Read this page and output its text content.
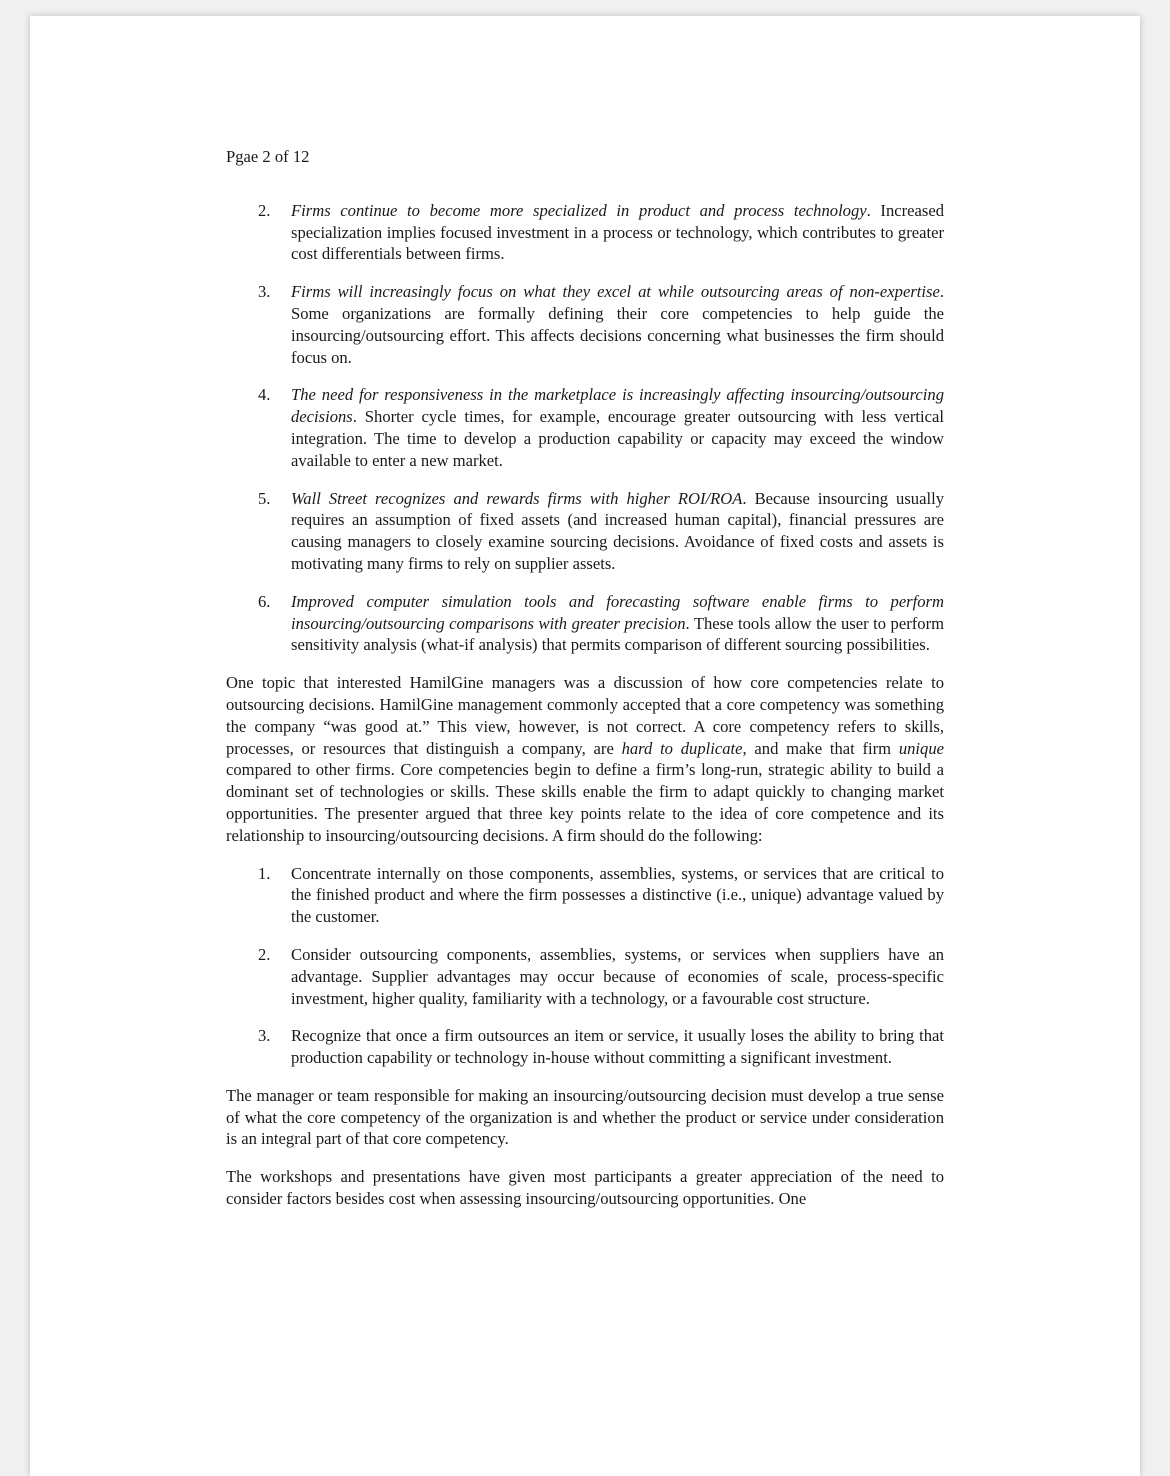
Pgae 2 of 12
2. Firms continue to become more specialized in product and process technology. Increased specialization implies focused investment in a process or technology, which contributes to greater cost differentials between firms.
3. Firms will increasingly focus on what they excel at while outsourcing areas of non-expertise. Some organizations are formally defining their core competencies to help guide the insourcing/outsourcing effort. This affects decisions concerning what businesses the firm should focus on.
4. The need for responsiveness in the marketplace is increasingly affecting insourcing/outsourcing decisions. Shorter cycle times, for example, encourage greater outsourcing with less vertical integration. The time to develop a production capability or capacity may exceed the window available to enter a new market.
5. Wall Street recognizes and rewards firms with higher ROI/ROA. Because insourcing usually requires an assumption of fixed assets (and increased human capital), financial pressures are causing managers to closely examine sourcing decisions. Avoidance of fixed costs and assets is motivating many firms to rely on supplier assets.
6. Improved computer simulation tools and forecasting software enable firms to perform insourcing/outsourcing comparisons with greater precision. These tools allow the user to perform sensitivity analysis (what-if analysis) that permits comparison of different sourcing possibilities.

One topic that interested HamilGine managers was a discussion of how core competencies relate to outsourcing decisions. HamilGine management commonly accepted that a core competency was something the company “was good at.” This view, however, is not correct. A core competency refers to skills, processes, or resources that distinguish a company, are hard to duplicate, and make that firm unique compared to other firms. Core competencies begin to define a firm’s long-run, strategic ability to build a dominant set of technologies or skills. These skills enable the firm to adapt quickly to changing market opportunities. The presenter argued that three key points relate to the idea of core competence and its relationship to insourcing/outsourcing decisions. A firm should do the following:

1. Concentrate internally on those components, assemblies, systems, or services that are critical to the finished product and where the firm possesses a distinctive (i.e., unique) advantage valued by the customer.
2. Consider outsourcing components, assemblies, systems, or services when suppliers have an advantage. Supplier advantages may occur because of economies of scale, process-specific investment, higher quality, familiarity with a technology, or a favourable cost structure.
3. Recognize that once a firm outsources an item or service, it usually loses the ability to bring that production capability or technology in-house without committing a significant investment.

The manager or team responsible for making an insourcing/outsourcing decision must develop a true sense of what the core competency of the organization is and whether the product or service under consideration is an integral part of that core competency.

The workshops and presentations have given most participants a greater appreciation of the need to consider factors besides cost when assessing insourcing/outsourcing opportunities. One
